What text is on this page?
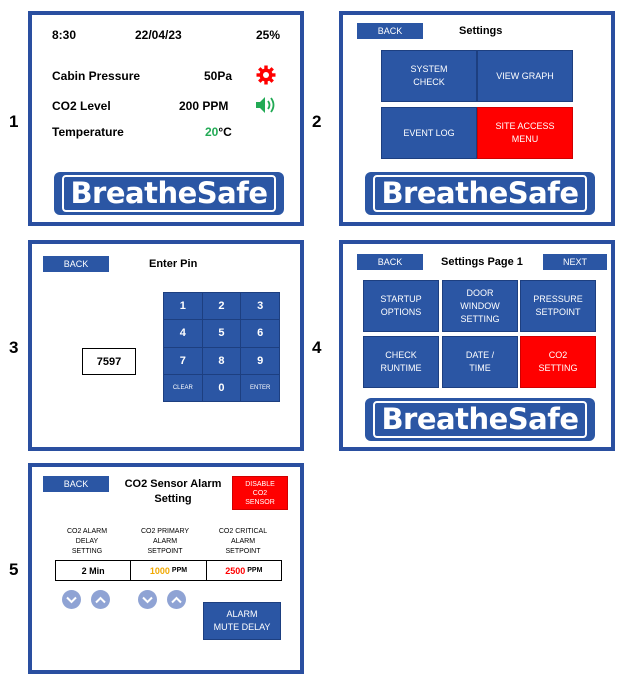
1	2
3	4
5
8:30	22/04/23	25%
Cabin Pressure	50Pa
CO2 Level	200 PPM
Temperature	20°C
BreatheSafe
BACK	Settings
SYSTEM
CHECK
VIEW GRAPH
EVENT LOG
SITE ACCESS
MENU
BreatheSafe
BACK	Enter Pin
7597
1	2	3
4	5	6
7	8	9
CLEAR	0	ENTER
BACK	Settings Page 1	NEXT
STARTUP
OPTIONS
DOOR
WINDOW
SETTING
PRESSURE
SETPOINT
CHECK
RUNTIME
DATE /
TIME
CO2
SETTING
BreatheSafe
BACK	CO2 Sensor Alarm
Setting
DISABLE
CO2
SENSOR
CO2 ALARM
DELAY
SETTING
CO2 PRIMARY
ALARM
SETPOINT
CO2 CRITICAL
ALARM
SETPOINT
2 Min	1000 PPM	2500 PPM
ALARM
MUTE DELAY
